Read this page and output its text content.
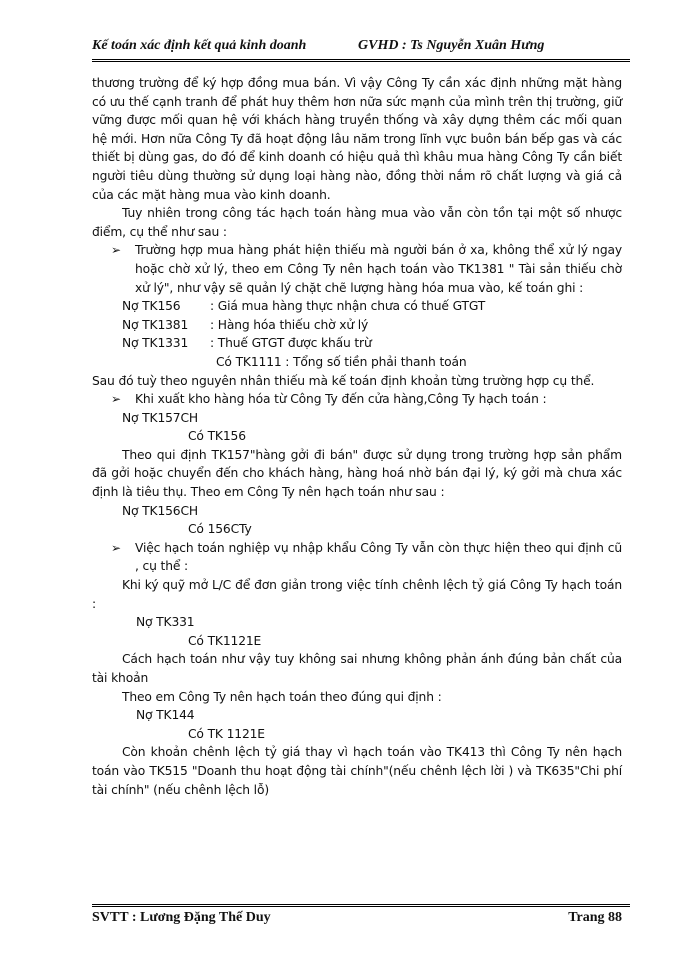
Kế toán xác định kết quả kinh doanh	GVHD : Ts Nguyễn Xuân Hưng

thương trường để ký hợp đồng mua bán. Vì vậy Công Ty cần xác định những mặt hàng có ưu thế cạnh tranh để phát huy thêm hơn nữa sức mạnh của mình trên thị trường, giữ vững được mối quan hệ với khách hàng truyền thống và xây dựng thêm các mối quan hệ mới. Hơn nữa Công Ty đã hoạt động lâu năm trong lĩnh vực buôn bán bếp gas và các thiết bị dùng gas, do đó để kinh doanh có hiệu quả thì khâu mua hàng Công Ty cần biết người tiêu dùng thường sử dụng loại hàng nào, đồng thời nắm rõ chất lượng và giá cả của các mặt hàng mua vào kinh doanh.

Tuy nhiên trong công tác hạch toán hàng mua vào vẫn còn tồn tại một số nhược điểm, cụ thể như sau :

➢ Trường hợp mua hàng phát hiện thiếu mà người bán ở xa, không thể xử lý ngay hoặc chờ xử lý, theo em Công Ty nên hạch toán vào TK1381 " Tài sản thiếu chờ xử lý", như vậy sẽ quản lý chặt chẽ lượng hàng hóa mua vào, kế toán ghi :

Nợ TK156 : Giá mua hàng thực nhận chưa có thuế GTGT

Nợ TK1381 : Hàng hóa thiếu chờ xử lý

Nợ TK1331 : Thuế GTGT được khấu trừ

Có TK1111 : Tổng số tiền phải thanh toán

Sau đó tuỳ theo nguyên nhân thiếu mà kế toán định khoản từng trường hợp cụ thể.

➢ Khi xuất kho hàng hóa từ Công Ty đến cửa hàng,Công Ty hạch toán :

Nợ TK157CH

Có TK156

Theo qui định TK157"hàng gởi đi bán" được sử dụng trong trường hợp sản phẩm đã gởi hoặc chuyển đến cho khách hàng, hàng hoá nhờ bán đại lý, ký gởi mà chưa xác định là tiêu thụ. Theo em Công Ty nên hạch toán như sau :

Nợ TK156CH

Có 156CTy

➢ Việc hạch toán nghiệp vụ nhập khẩu Công Ty vẫn còn thực hiện theo qui định cũ , cụ thể :

Khi ký quỹ mở L/C để đơn giản trong việc tính chênh lệch tỷ giá Công Ty hạch toán :

Nợ TK331

Có TK1121E

Cách hạch toán như vậy tuy không sai nhưng không phản ánh đúng bản chất của tài khoản

Theo em Công Ty nên hạch toán theo đúng qui định :

Nợ TK144

Có TK 1121E

Còn khoản chênh lệch tỷ giá thay vì hạch toán vào TK413 thì Công Ty nên hạch toán vào TK515 "Doanh thu hoạt động tài chính"(nếu chênh lệch lời ) và TK635"Chi phí tài chính" (nếu chênh lệch lỗ)

SVTT : Lương Đặng Thế Duy	Trang 88
